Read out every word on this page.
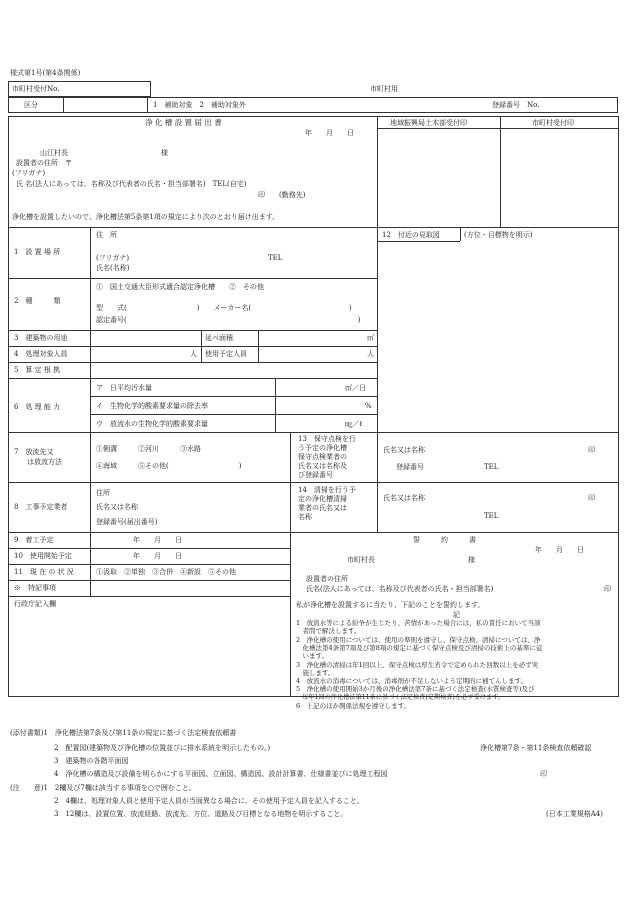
様式第1号(第4条関係)
市町村受付No.	市町村用
区分	1　補助対象　2　補助対象外	登録番号　No.
地域振興局土木部受付印	市町村受付印
浄 化 槽 設 置 届 出 書
年　　月　　日
山江村長	様
設置者の住所　〒
(フリガナ)
氏 名(法人にあっては、名称及び代表者の氏名・担当部署名)　TEL(自宅)
印　　(勤務先)
浄化槽を設置したいので、浄化槽法第5条第1項の規定により次のとおり届け出ます。
1　設 置 場 所
住　所
(フリガナ)	TEL
氏名(名称)
2　種　　　類
①　国土交通大臣形式適合認定浄化槽　　②　その他
型　　式(　　　　　　　　　　)　　メーカー名(　　　　　　　　　　　　　　)
認定番号(　　　　　　　　　　　　　　　　　　　　　　　　　　　　　　　　　)
3　建築物の用途	延べ面積	㎡
4　処理対象人員	人 使用予定人員	人
5　算 定 根 拠
6　処 理 能 力
ア　日平均汚水量	㎥／日
イ　生物化学的酸素要求量の除去率	%
ウ　放流水の生物化学的酸素要求量	㎎／ℓ
7　放流先又
は放流方法
①側溝　　　②河川　　　③水路
④海域　　　⑤その他(　　　　　　　　　　)
8　工事予定業者
住所
氏名又は名称
登録番号(届出番号)
9　着工予定	年　　月　　日
10　使用開始予定	年　　月　　日
11　現 在 の 状 況	①汲取　②単独　③合併　④新設　⑤その他
※　特記事項
行政庁記入欄
12　付近の見取図	(方位・目標物を明示)
13　保守点検を行
う予定の浄化槽
保守点検業者の
氏名又は名称及
び登録番号
氏名又は名称	印
登録番号	TEL
14　清掃を行う予
定の浄化槽清掃
業者の氏名又は
名称
氏名又は名称	印
TEL
誓　　　約　　　書
年　　月　　日
市町村長	様
設置者の住所
氏名(法人にあっては、名称及び代表者の氏名・担当部署名)	印
私が浄化槽を設置するに当たり、下記のことを誓約します。
記
1　放流水等による紛争が生じたり、苦情があった場合には、私の責任において当該
　者間で解決します。
2　浄化槽の使用については、使用の準則を遵守し、保守点検、清掃については、浄
　化槽法第4条第7項及び第8項の規定に基づく保守点検及び清掃の技術上の基準に従
　います。
3　浄化槽の清掃は年1回以上、保守点検は厚生省令で定められた回数以上を必ず実
　施します。
4　放流水の消毒については、消毒剤が不足しないよう定期的に補てんします。
5　浄化槽の使用開始3か月後の浄化槽法第7条に基づく法定検査(水質検査等)及び
　毎年1回の浄化槽法第11条に基づく法定検査(定期検査)を必ず受けます。
6　上記のほか関係法規を遵守します。
(添付書類)1　浄化槽法第7条及び第11条の規定に基づく法定検査依頼書
2　配置図(建築物及び浄化槽の位置並びに排水系統を明示したもの。)	浄化槽第7条・第11条検査依頼確認
3　建築物の各階平面図
4　浄化槽の構造及び設備を明らかにする平面図、立面図、構造図、設計計算書、仕様書並びに処理工程図	印
(注　　意)1　2欄及び7欄は該当する事項を○で囲むこと。
2　4欄は、処理対象人員と使用予定人員が当面異なる場合に、その使用予定人員を記入すること。
3　12欄は、設置位置、放流経路、放流先、方位、道路及び目標となる地物を明示すること。	(日本工業規格A4)
